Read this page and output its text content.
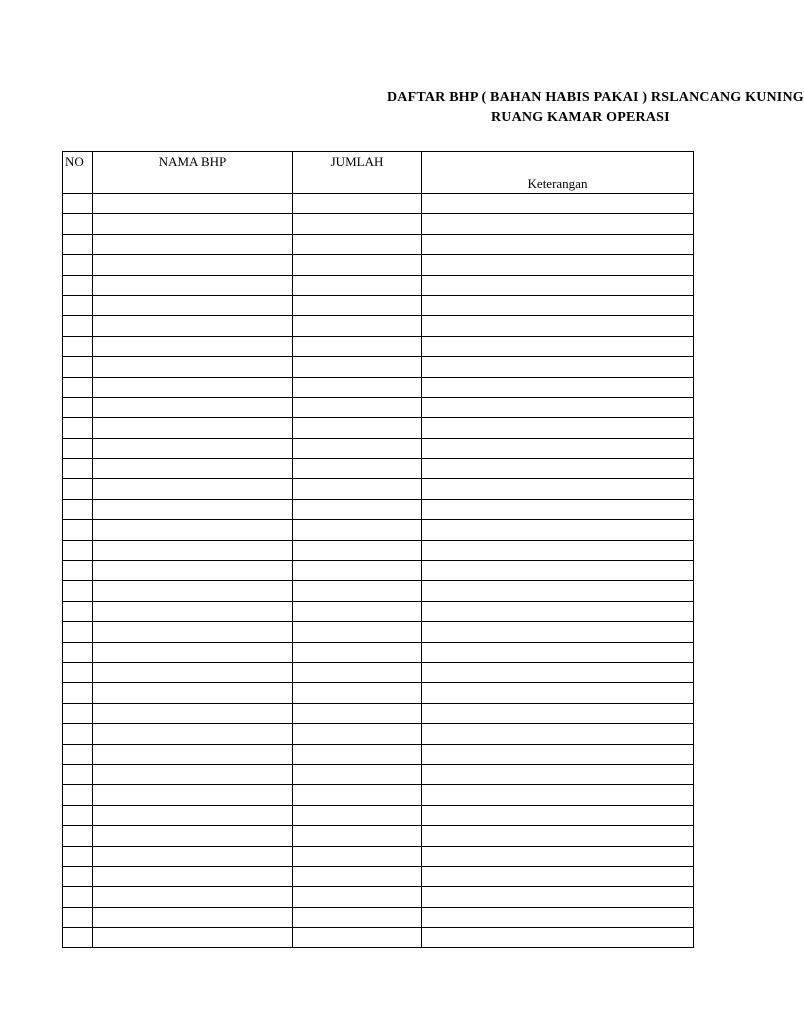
DAFTAR BHP ( BAHAN HABIS PAKAI ) RSLANCANG KUNING
RUANG KAMAR OPERASI
NO	NAMA BHP	JUMLAH	Keterangan
